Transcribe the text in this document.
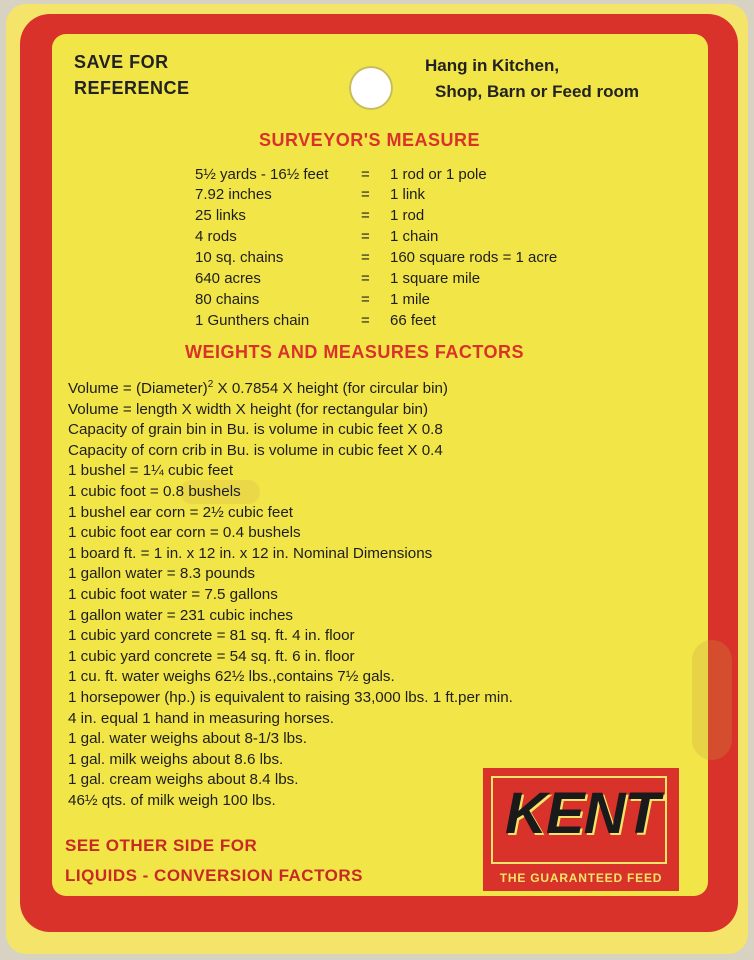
SAVE FOR
REFERENCE
Hang in Kitchen,
Shop, Barn or Feed room
SURVEYOR'S MEASURE
5½ yards - 16½ feet = 1 rod or 1 pole
7.92 inches	= 1 link
25 links	= 1 rod
4 rods	= 1 chain
10 sq. chains	= 160 square rods = 1 acre
640 acres	= 1 square mile
80 chains	= 1 mile
1 Gunthers chain	= 66 feet
WEIGHTS AND MEASURES FACTORS
Volume = (Diameter)$^2$ X 0.7854 X height (for circular bin)
Volume = length X width X height (for rectangular bin)
Capacity of grain bin in Bu. is volume in cubic feet X 0.8
Capacity of corn crib in Bu. is volume in cubic feet X 0.4
1 bushel = 1¼ cubic feet
1 cubic foot = 0.8 bushels
1 bushel ear corn = 2½ cubic feet
1 cubic foot ear corn = 0.4 bushels
1 board ft. = 1 in. x 12 in. x 12 in. Nominal Dimensions
1 gallon water = 8.3 pounds
1 cubic foot water = 7.5 gallons
1 gallon water = 231 cubic inches
1 cubic yard concrete = 81 sq. ft. 4 in. floor
1 cubic yard concrete = 54 sq. ft. 6 in. floor
1 cu. ft. water weighs 62½ lbs.,contains 7½ gals.
1 horsepower (hp.) is equivalent to raising 33,000 lbs. 1 ft.per min.
4 in. equal 1 hand in measuring horses.
1 gal. water weighs about 8-1/3 lbs.
1 gal. milk weighs about 8.6 lbs.
1 gal. cream weighs about 8.4 lbs.
46½ qts. of milk weigh 100 lbs.
SEE OTHER SIDE FOR
LIQUIDS - CONVERSION FACTORS
KENT
THE GUARANTEED FEED
